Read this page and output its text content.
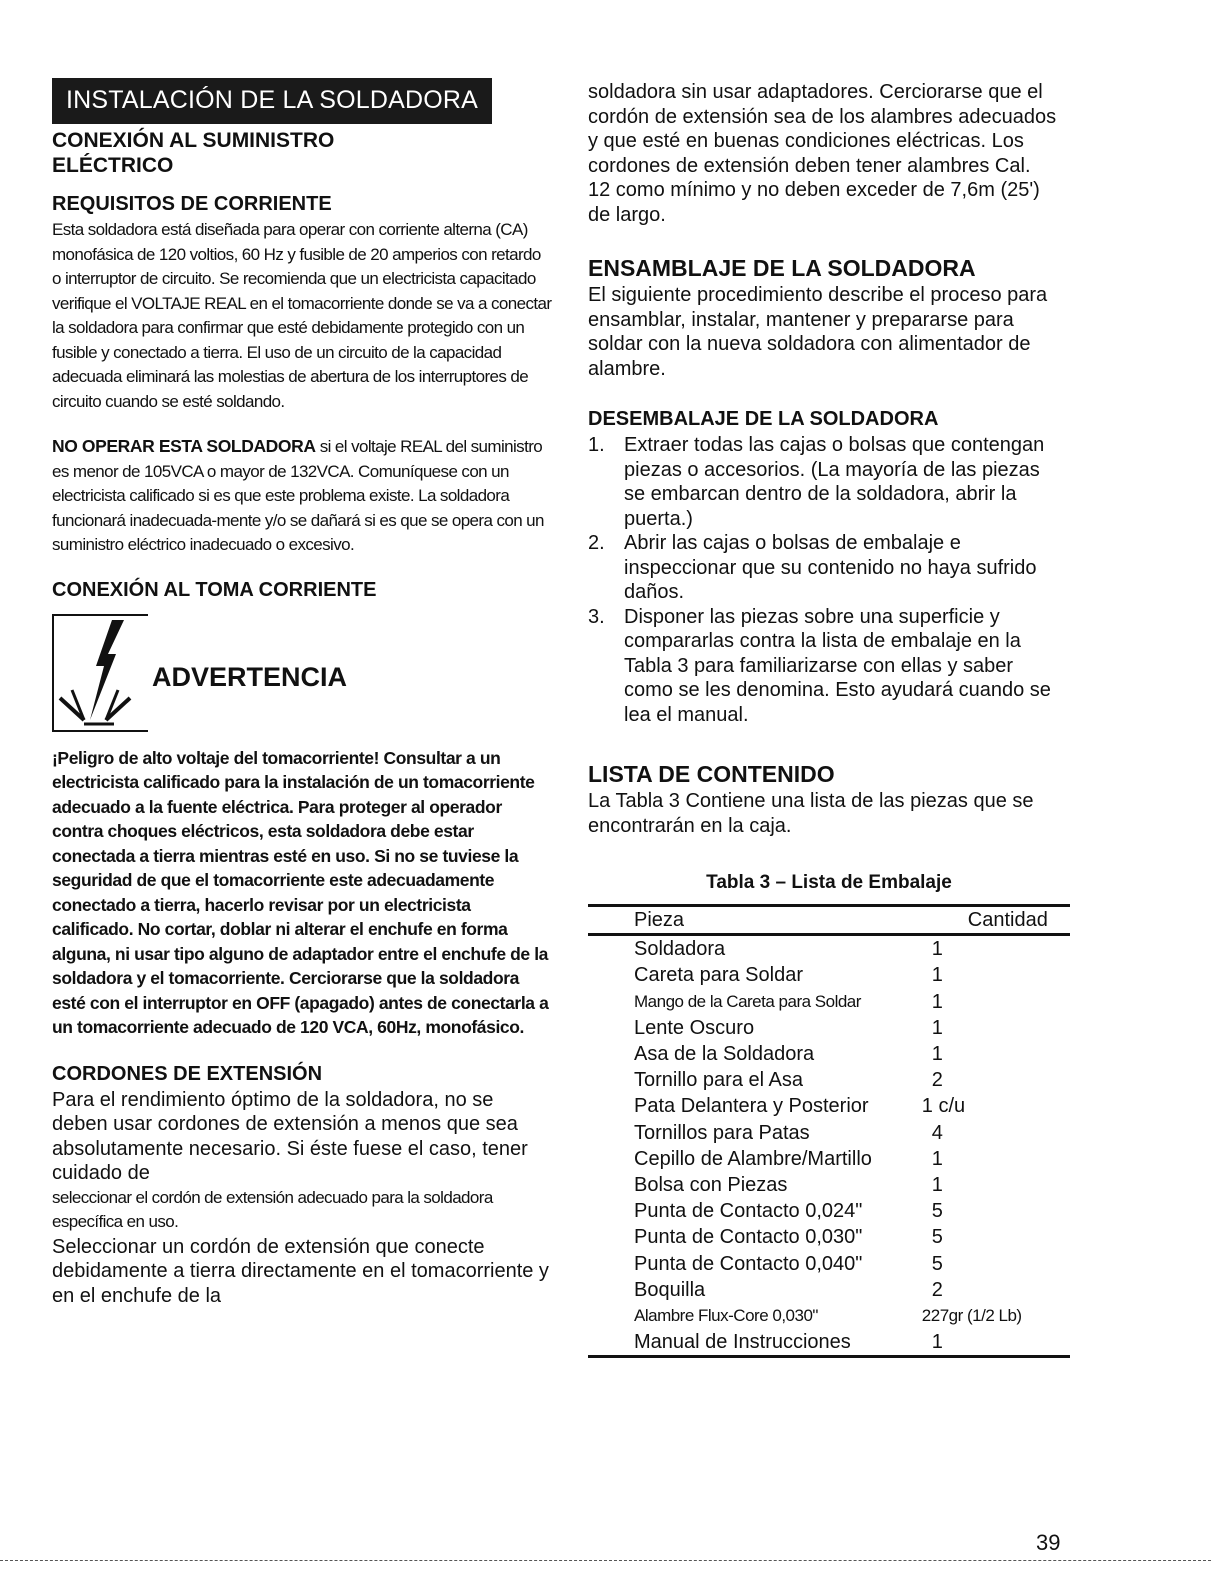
INSTALACIÓN DE LA SOLDADORA
CONEXIÓN AL SUMINISTRO ELÉCTRICO
REQUISITOS DE CORRIENTE

Esta soldadora está diseñada para operar con corriente alterna (CA) monofásica de 120 voltios, 60 Hz y fusible de 20 amperios con retardo o interruptor de circuito. Se recomienda que un electricista capacitado verifique el VOLTAJE REAL en el tomacorriente donde se va a conectar la soldadora para confirmar que esté debidamente protegido con un fusible y conectado a tierra. El uso de un circuito de la capacidad adecuada eliminará las molestias de abertura de los interruptores de circuito cuando se esté soldando.

NO OPERAR ESTA SOLDADORA si el voltaje REAL del suministro es menor de 105VCA o mayor de 132VCA. Comuníquese con un electricista calificado si es que este problema existe. La soldadora funcionará inadecuada-mente y/o se dañará si es que se opera con un suministro eléctrico inadecuado o excesivo.

CONEXIÓN AL TOMA CORRIENTE
ADVERTENCIA

¡Peligro de alto voltaje del tomacorriente! Consultar a un electricista calificado para la instalación de un tomacorriente adecuado a la fuente eléctrica. Para proteger al operador contra choques eléctricos, esta soldadora debe estar conectada a tierra mientras esté en uso. Si no se tuviese la seguridad de que el tomacorriente este adecuadamente conectado a tierra, hacerlo revisar por un electricista calificado. No cortar, doblar ni alterar el enchufe en forma alguna, ni usar tipo alguno de adaptador entre el enchufe de la soldadora y el tomacorriente. Cerciorarse que la soldadora esté con el interruptor en OFF (apagado) antes de conectarla a un tomacorriente adecuado de 120 VCA, 60Hz, monofásico.

CORDONES DE EXTENSIÓN

Para el rendimiento óptimo de la soldadora, no se deben usar cordones de extensión a menos que sea absolutamente necesario. Si éste fuese el caso, tener cuidado de

seleccionar el cordón de extensión adecuado para la soldadora específica en uso.

Seleccionar un cordón de extensión que conecte debidamente a tierra directamente en el tomacorriente y en el enchufe de la

soldadora sin usar adaptadores. Cerciorarse que el cordón de extensión sea de los alambres adecuados y que esté en buenas condiciones eléctricas. Los cordones de extensión deben tener alambres Cal. 12 como mínimo y no deben exceder de 7,6m (25') de largo.

ENSAMBLAJE DE LA SOLDADORA

El siguiente procedimiento describe el proceso para ensamblar, instalar, mantener y prepararse para soldar con la nueva soldadora con alimentador de alambre.

DESEMBALAJE DE LA SOLDADORA
1. Extraer todas las cajas o bolsas que contengan piezas o accesorios. (La mayoría de las piezas se embarcan dentro de la soldadora, abrir la puerta.)
2. Abrir las cajas o bolsas de embalaje e inspeccionar que su contenido no haya sufrido daños.
3. Disponer las piezas sobre una superficie y compararlas contra la lista de embalaje en la Tabla 3 para familiarizarse con ellas y saber como se les denomina. Esto ayudará cuando se lea el manual.
LISTA DE CONTENIDO

La Tabla 3 Contiene una lista de las piezas que se encontrarán en la caja.

Tabla 3 – Lista de Embalaje
Pieza	Cantidad
Soldadora	1
Careta para Soldar	1
Mango de la Careta para Soldar	1
Lente Oscuro	1
Asa de la Soldadora	1
Tornillo para el Asa	2
Pata Delantera y Posterior	1 c/u
Tornillos para Patas	4
Cepillo de Alambre/Martillo	1
Bolsa con Piezas	1
Punta de Contacto 0,024"	5
Punta de Contacto 0,030"	5
Punta de Contacto 0,040"	5
Boquilla	2
Alambre Flux-Core 0,030"	227gr (1/2 Lb)
Manual de Instrucciones	1
39
